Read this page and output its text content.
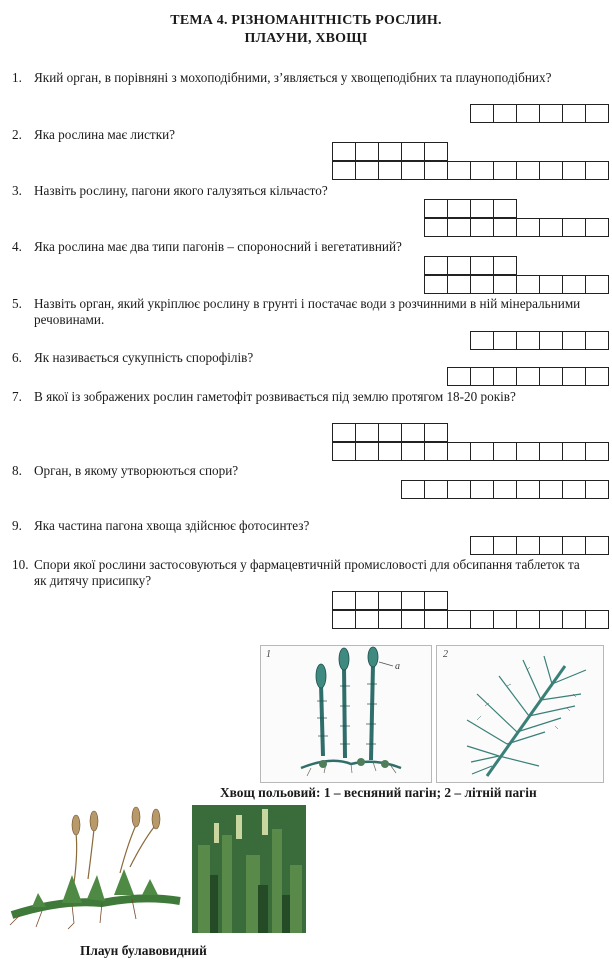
ТЕМА 4. РІЗНОМАНІТНІСТЬ РОСЛИН.
ПЛАУНИ, ХВОЩІ
1. Який орган, в порівняні з мохоподібними, з’являється у хвощеподібних та плауноподібних?
2. Яка рослина має листки?
3. Назвіть рослину, пагони якого галузяться кільчасто?
4. Яка рослина має два типи пагонів – спороносний і вегетативний?
5. Назвіть орган, який укріплює рослину в грунті і постачає води з розчинними в ній мінеральними речовинами.
6. Як називається сукупність спорофілів?
7. В якої із зображених рослин гаметофіт розвивається під землю протягом 18-20 років?
8. Орган, в якому утворюються спори?
9. Яка частина пагона хвоща здійснює фотосинтез?
10. Спори якої рослини застосовуються у фармацевтичній промисловості для обсипання таблеток та як дитячу присипку?
1
а
2
Хвощ польовий: 1 – весняний пагін; 2 – літній пагін
Плаун булавовидний
